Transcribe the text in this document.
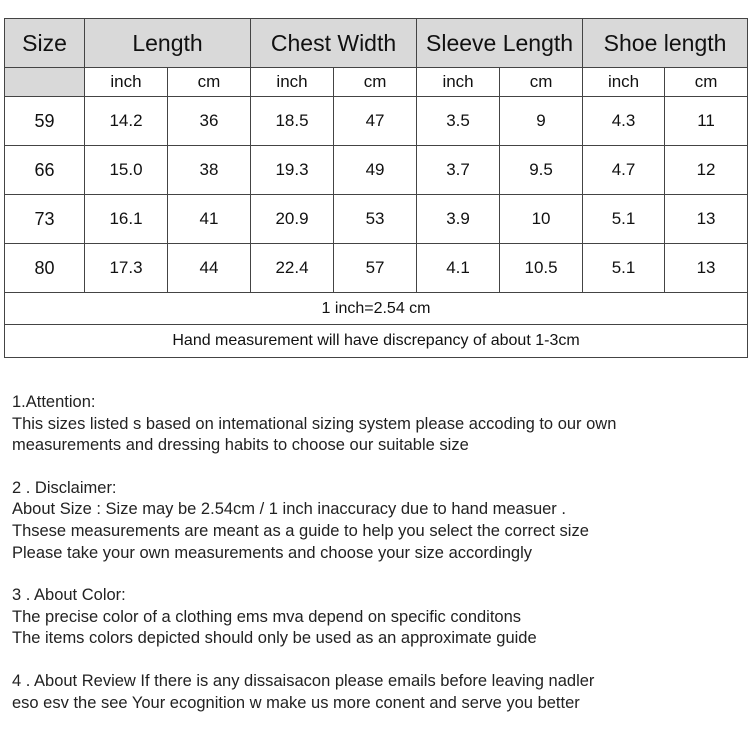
Size	Length		Chest Width		Sleeve Length		Shoe length	
	inch	cm	inch	cm	inch	cm	inch	cm
59	14.2	36	18.5	47	3.5	9	4.3	11
66	15.0	38	19.3	49	3.7	9.5	4.7	12
73	16.1	41	20.9	53	3.9	10	5.1	13
80	17.3	44	22.4	57	4.1	10.5	5.1	13
1 inch=2.54 cm								
Hand measurement will have discrepancy of about 1-3cm								
1.Attention:
This sizes listed s based on intemational sizing system please accoding to our own
measurements and dressing habits to choose our suitable size
2 . Disclaimer:
About Size : Size may be 2.54cm / 1 inch inaccuracy due to hand measuer .
Thsese measurements are meant as a guide to help you select the correct size
Please take your own measurements and choose your size accordingly
3 . About Color:
The precise color of a clothing ems mva depend on specific conditons
The items colors depicted should only be used as an approximate guide
4 . About Review If there is any dissaisacon please emails before leaving nadler
eso esv the see Your ecognition w make us more conent and serve you better
